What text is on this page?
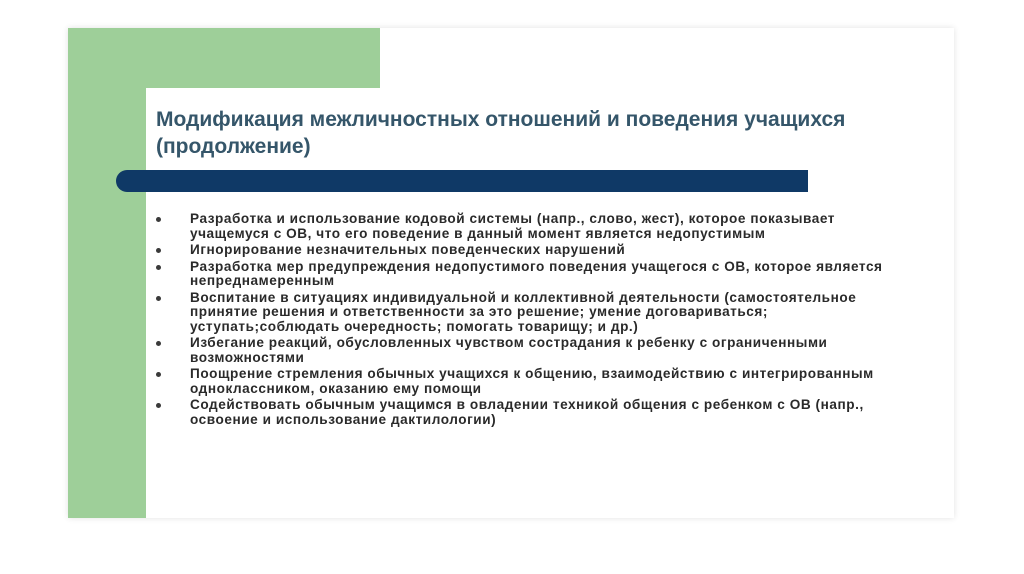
Модификация межличностных отношений и поведения учащихся (продолжение)
Разработка и использование кодовой системы (напр., слово, жест), которое показывает учащемуся с ОВ, что его поведение в данный момент является недопустимым
Игнорирование незначительных поведенческих нарушений
Разработка мер предупреждения недопустимого поведения учащегося с ОВ, которое является непреднамеренным
Воспитание в ситуациях индивидуальной и коллективной деятельности (самостоятельное принятие решения и ответственности за это решение; умение договариваться; уступать;соблюдать очередность; помогать товарищу; и др.)
Избегание реакций, обусловленных чувством сострадания к ребенку с ограниченными возможностями
Поощрение стремления обычных учащихся к общению, взаимодействию с интегрированным одноклассником, оказанию ему помощи
Содействовать обычным учащимся в овладении техникой общения с ребенком с ОВ (напр., освоение и использование дактилологии)
